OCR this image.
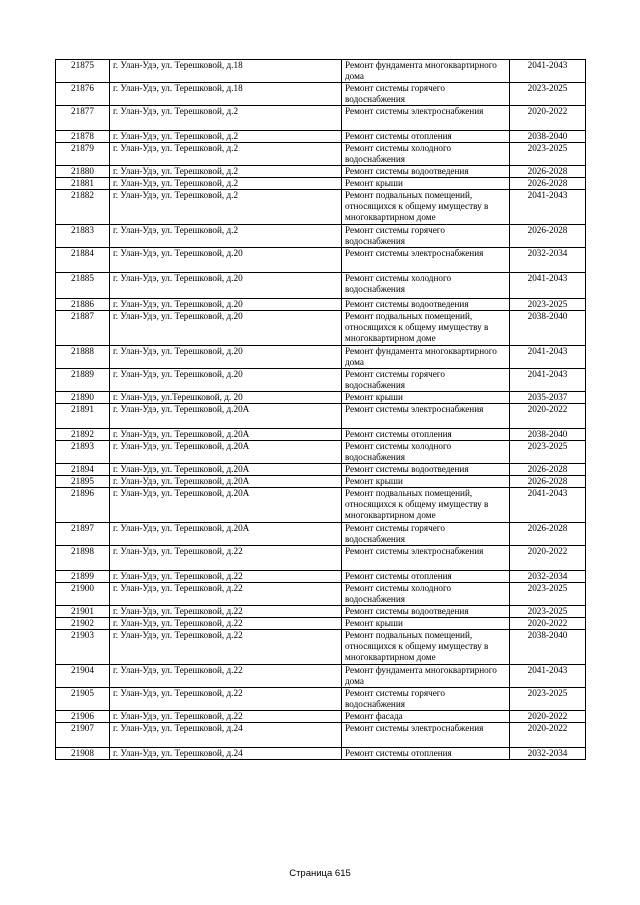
21875	г. Улан-Удэ, ул. Терешковой, д.18	Ремонт фундамента многоквартирного дома	2041-2043
21876	г. Улан-Удэ, ул. Терешковой, д.18	Ремонт системы горячего водоснабжения	2023-2025
21877	г. Улан-Удэ, ул. Терешковой, д.2	Ремонт системы электроснабжения	2020-2022
21878	г. Улан-Удэ, ул. Терешковой, д.2	Ремонт системы отопления	2038-2040
21879	г. Улан-Удэ, ул. Терешковой, д.2	Ремонт системы холодного водоснабжения	2023-2025
21880	г. Улан-Удэ, ул. Терешковой, д.2	Ремонт системы водоотведения	2026-2028
21881	г. Улан-Удэ, ул. Терешковой, д.2	Ремонт крыши	2026-2028
21882	г. Улан-Удэ, ул. Терешковой, д.2	Ремонт подвальных помещений, относящихся к общему имуществу в многоквартирном доме	2041-2043
21883	г. Улан-Удэ, ул. Терешковой, д.2	Ремонт системы горячего водоснабжения	2026-2028
21884	г. Улан-Удэ, ул. Терешковой, д.20	Ремонт системы электроснабжения	2032-2034
21885	г. Улан-Удэ, ул. Терешковой, д.20	Ремонт системы холодного водоснабжения	2041-2043
21886	г. Улан-Удэ, ул. Терешковой, д.20	Ремонт системы водоотведения	2023-2025
21887	г. Улан-Удэ, ул. Терешковой, д.20	Ремонт подвальных помещений, относящихся к общему имуществу в многоквартирном доме	2038-2040
21888	г. Улан-Удэ, ул. Терешковой, д.20	Ремонт фундамента многоквартирного дома	2041-2043
21889	г. Улан-Удэ, ул. Терешковой, д.20	Ремонт системы горячего водоснабжения	2041-2043
21890	г. Улан-Удэ, ул.Терешковой, д. 20	Ремонт крыши	2035-2037
21891	г. Улан-Удэ, ул. Терешковой, д.20А	Ремонт системы электроснабжения	2020-2022
21892	г. Улан-Удэ, ул. Терешковой, д.20А	Ремонт системы отопления	2038-2040
21893	г. Улан-Удэ, ул. Терешковой, д.20А	Ремонт системы холодного водоснабжения	2023-2025
21894	г. Улан-Удэ, ул. Терешковой, д.20А	Ремонт системы водоотведения	2026-2028
21895	г. Улан-Удэ, ул. Терешковой, д.20А	Ремонт крыши	2026-2028
21896	г. Улан-Удэ, ул. Терешковой, д.20А	Ремонт подвальных помещений, относящихся к общему имуществу в многоквартирном доме	2041-2043
21897	г. Улан-Удэ, ул. Терешковой, д.20А	Ремонт системы горячего водоснабжения	2026-2028
21898	г. Улан-Удэ, ул. Терешковой, д.22	Ремонт системы электроснабжения	2020-2022
21899	г. Улан-Удэ, ул. Терешковой, д.22	Ремонт системы отопления	2032-2034
21900	г. Улан-Удэ, ул. Терешковой, д.22	Ремонт системы холодного водоснабжения	2023-2025
21901	г. Улан-Удэ, ул. Терешковой, д.22	Ремонт системы водоотведения	2023-2025
21902	г. Улан-Удэ, ул. Терешковой, д.22	Ремонт крыши	2020-2022
21903	г. Улан-Удэ, ул. Терешковой, д.22	Ремонт подвальных помещений, относящихся к общему имуществу в многоквартирном доме	2038-2040
21904	г. Улан-Удэ, ул. Терешковой, д.22	Ремонт фундамента многоквартирного дома	2041-2043
21905	г. Улан-Удэ, ул. Терешковой, д.22	Ремонт системы горячего водоснабжения	2023-2025
21906	г. Улан-Удэ, ул. Терешковой, д.22	Ремонт фасада	2020-2022
21907	г. Улан-Удэ, ул. Терешковой, д.24	Ремонт системы электроснабжения	2020-2022
21908	г. Улан-Удэ, ул. Терешковой, д.24	Ремонт системы отопления	2032-2034
Страница 615
